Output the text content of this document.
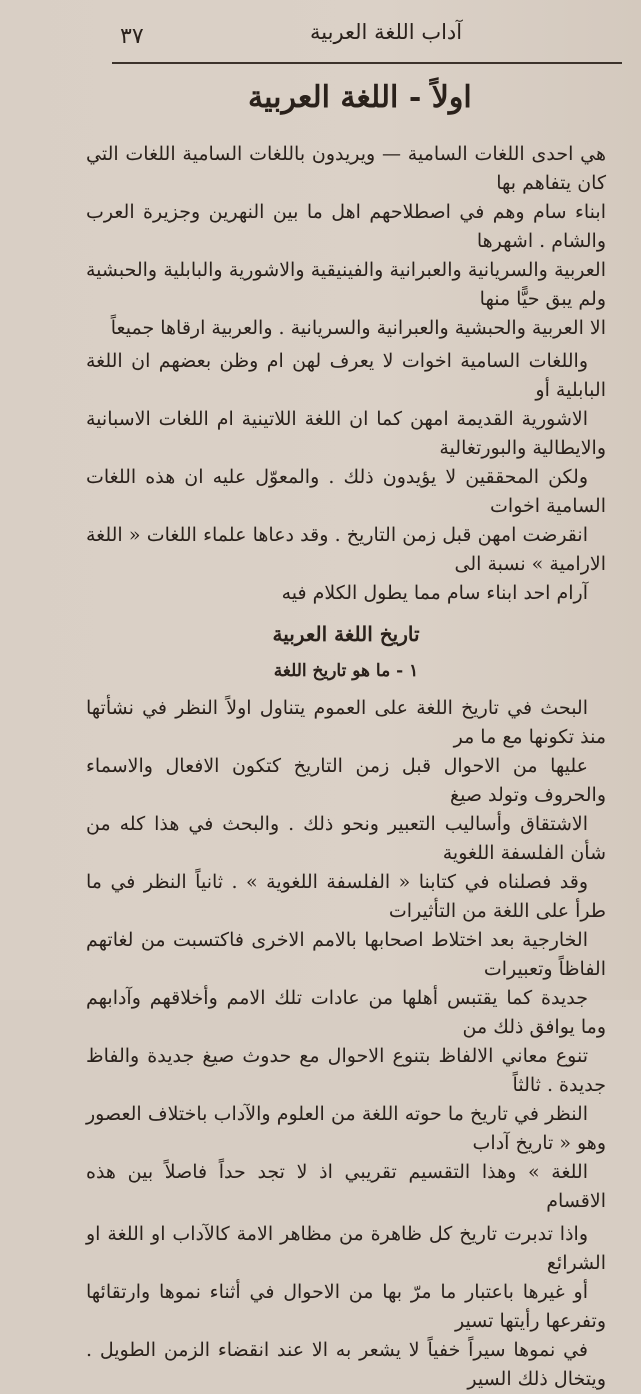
٣٧	آداب اللغة العربية
اولاً - اللغة العربية
هي احدى اللغات السامية — ويريدون باللغات السامية اللغات التي كان يتفاهم بها
ابناء سام وهم في اصطلاحهم اهل ما بين النهرين وجزيرة العرب والشام . اشهرها
العربية والسريانية والعبرانية والفينيقية والاشورية والبابلية والحبشية ولم يبق حيًّا منها
الا العربية والحبشية والعبرانية والسريانية . والعربية ارقاها جميعاً
واللغات السامية اخوات لا يعرف لهن ام وظن بعضهم ان اللغة البابلية أو
الاشورية القديمة امهن كما ان اللغة اللاتينية ام اللغات الاسبانية والايطالية والبورتغالية
ولكن المحققين لا يؤيدون ذلك . والمعوّل عليه ان هذه اللغات السامية اخوات
انقرضت امهن قبل زمن التاريخ . وقد دعاها علماء اللغات « اللغة الارامية » نسبة الى
آرام احد ابناء سام مما يطول الكلام فيه
تاريخ اللغة العربية
١ - ما هو تاريخ اللغة
البحث في تاريخ اللغة على العموم يتناول اولاً النظر في نشأتها منذ تكونها مع ما مر
عليها من الاحوال قبل زمن التاريخ كتكون الافعال والاسماء والحروف وتولد صيغ
الاشتقاق وأساليب التعبير ونحو ذلك . والبحث في هذا كله من شأن الفلسفة اللغوية
وقد فصلناه في كتابنا « الفلسفة اللغوية » . ثانياً النظر في ما طرأ على اللغة من التأثيرات
الخارجية بعد اختلاط اصحابها بالامم الاخرى فاكتسبت من لغاتهم الفاظاً وتعبيرات
جديدة كما يقتبس أهلها من عادات تلك الامم وأخلاقهم وآدابهم وما يوافق ذلك من
تنوع معاني الالفاظ بتنوع الاحوال مع حدوث صيغ جديدة والفاظ جديدة . ثالثاً
النظر في تاريخ ما حوته اللغة من العلوم والآداب باختلاف العصور وهو « تاريخ آداب
اللغة » وهذا التقسيم تقريبي اذ لا تجد حداً فاصلاً بين هذه الاقسام
واذا تدبرت تاريخ كل ظاهرة من مظاهر الامة كالآداب او اللغة او الشرائع
أو غيرها باعتبار ما مرّ بها من الاحوال في أثناء نموها وارتقائها وتفرعها رأيتها تسير
في نموها سيراً خفياً لا يشعر به الا عند انقضاء الزمن الطويل . ويتخال ذلك السير
